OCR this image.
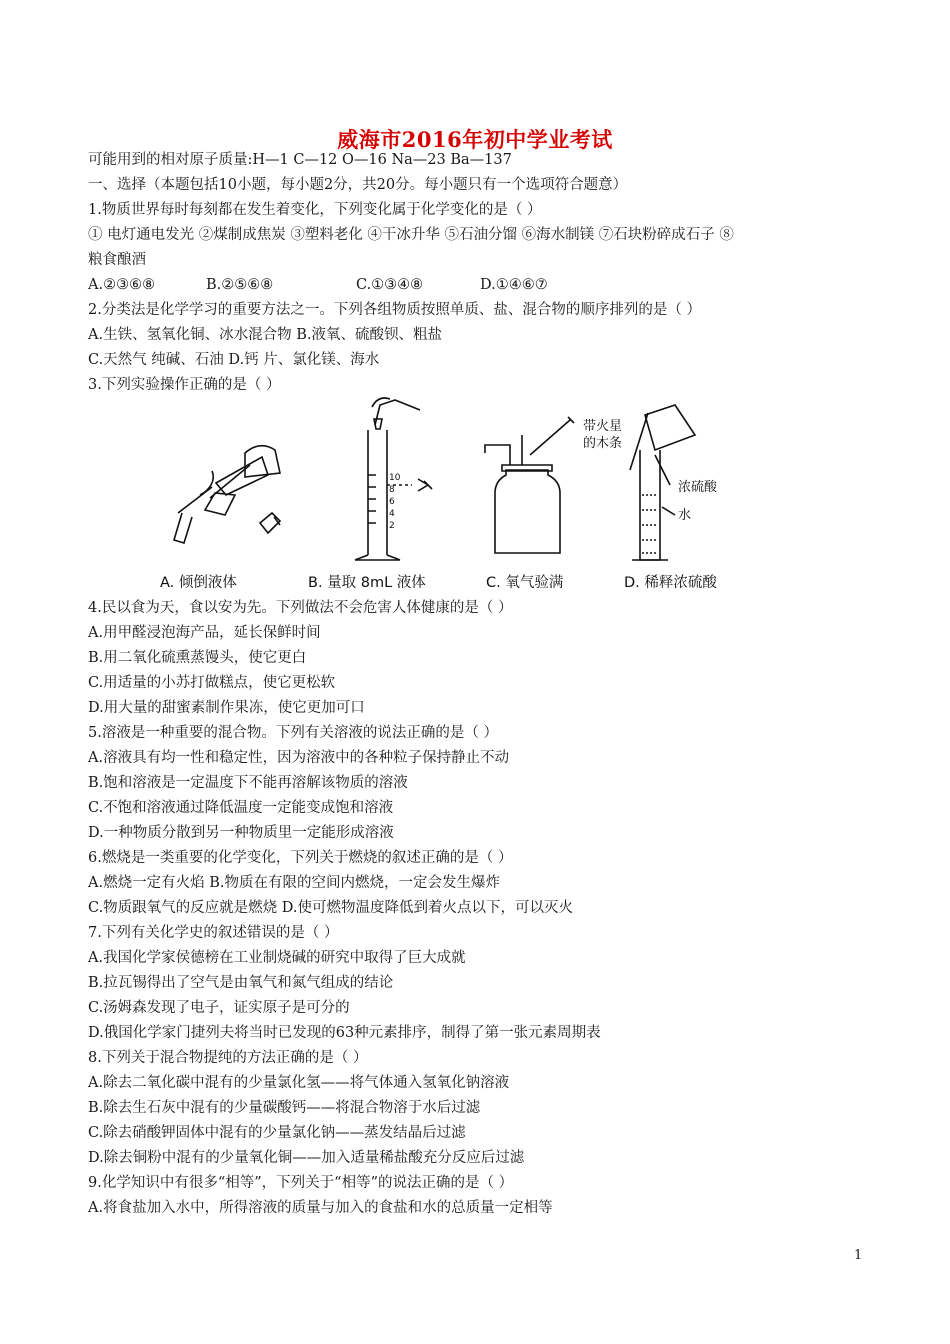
威海市2016年初中学业考试
可能用到的相对原子质量:H—1 C—12 O—16 Na—23 Ba—137
一、选择（本题包括10小题，每小题2分，共20分。每小题只有一个选项符合题意）
1.物质世界每时每刻都在发生着变化，下列变化属于化学变化的是（ ）
① 电灯通电发光 ②煤制成焦炭 ③塑料老化 ④干冰升华 ⑤石油分馏 ⑥海水制镁 ⑦石块粉碎成石子 ⑧
粮食酿酒
A.②③⑥⑧	B.②⑤⑥⑧	C.①③④⑧	D.①④⑥⑦
2.分类法是化学学习的重要方法之一。下列各组物质按照单质、盐、混合物的顺序排列的是（ ）
A.生铁、氢氧化铜、冰水混合物 B.液氧、硫酸钡、粗盐
C.天然气 纯碱、石油 D.钙 片、氯化镁、海水
3.下列实验操作正确的是（ ）
10
8
6
4
2
带火星
的木条
浓硫酸
水
A. 倾倒液体	B. 量取 8mL 液体	C. 氧气验满	D. 稀释浓硫酸
4.民以食为天，食以安为先。下列做法不会危害人体健康的是（ ）
A.用甲醛浸泡海产品，延长保鲜时间
B.用二氧化硫熏蒸馒头，使它更白
C.用适量的小苏打做糕点，使它更松软
D.用大量的甜蜜素制作果冻，使它更加可口
5.溶液是一种重要的混合物。下列有关溶液的说法正确的是（ ）
A.溶液具有均一性和稳定性，因为溶液中的各种粒子保持静止不动
B.饱和溶液是一定温度下不能再溶解该物质的溶液
C.不饱和溶液通过降低温度一定能变成饱和溶液
D.一种物质分散到另一种物质里一定能形成溶液
6.燃烧是一类重要的化学变化，下列关于燃烧的叙述正确的是（ ）
A.燃烧一定有火焰 B.物质在有限的空间内燃烧，一定会发生爆炸
C.物质跟氧气的反应就是燃烧 D.使可燃物温度降低到着火点以下，可以灭火
7.下列有关化学史的叙述错误的是（ ）
A.我国化学家侯德榜在工业制烧碱的研究中取得了巨大成就
B.拉瓦锡得出了空气是由氧气和氮气组成的结论
C.汤姆森发现了电子，证实原子是可分的
D.俄国化学家门捷列夫将当时已发现的63种元素排序，制得了第一张元素周期表
8.下列关于混合物提纯的方法正确的是（ ）
A.除去二氧化碳中混有的少量氯化氢——将气体通入氢氧化钠溶液
B.除去生石灰中混有的少量碳酸钙——将混合物溶于水后过滤
C.除去硝酸钾固体中混有的少量氯化钠——蒸发结晶后过滤
D.除去铜粉中混有的少量氧化铜——加入适量稀盐酸充分反应后过滤
9.化学知识中有很多“相等”，下列关于“相等”的说法正确的是（ ）
A.将食盐加入水中，所得溶液的质量与加入的食盐和水的总质量一定相等
1
